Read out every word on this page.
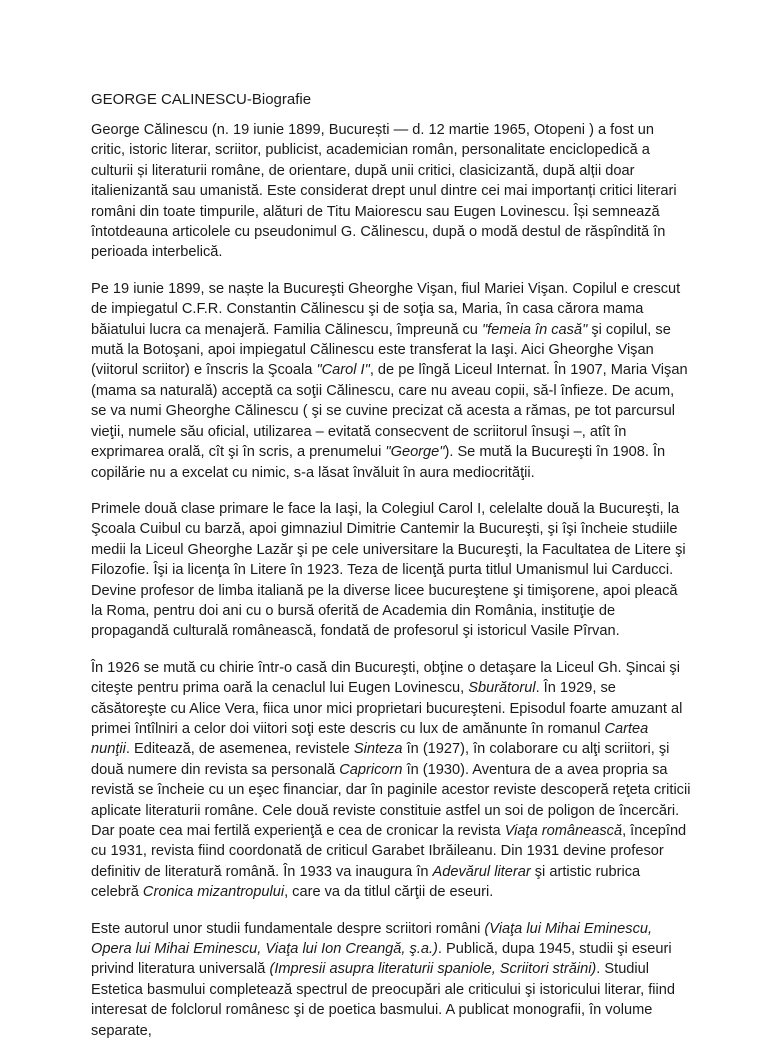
GEORGE CALINESCU-Biografie

George Călinescu (n. 19 iunie 1899, București — d. 12 martie 1965, Otopeni ) a fost un critic, istoric literar, scriitor, publicist, academician român, personalitate enciclopedică a culturii și literaturii române, de orientare, după unii critici, clasicizantă, după alții doar italienizantă sau umanistă. Este considerat drept unul dintre cei mai importanți critici literari români din toate timpurile, alături de Titu Maiorescu sau Eugen Lovinescu. Își semnează întotdeauna articolele cu pseudonimul G. Călinescu, după o modă destul de răspîndită în perioada interbelică.

Pe 19 iunie 1899, se naște la Bucureşti Gheorghe Vişan, fiul Mariei Vişan. Copilul e crescut de impiegatul C.F.R. Constantin Călinescu şi de soţia sa, Maria, în casa cărora mama băiatului lucra ca menajeră. Familia Călinescu, împreună cu "femeia în casă" şi copilul, se mută la Botoşani, apoi impiegatul Călinescu este transferat la Iaşi. Aici Gheorghe Vişan (viitorul scriitor) e înscris la Şcoala "Carol I", de pe lîngă Liceul Internat. În 1907, Maria Vişan (mama sa naturală) acceptă ca soţii Călinescu, care nu aveau copii, să-l înfieze. De acum, se va numi Gheorghe Călinescu ( şi se cuvine precizat că acesta a rămas, pe tot parcursul vieţii, numele său oficial, utilizarea – evitată consecvent de scriitorul însuşi –, atît în exprimarea orală, cît şi în scris, a prenumelui "George"). Se mută la Bucureşti în 1908. În copilărie nu a excelat cu nimic, s-a lăsat învăluit în aura mediocrităţii.

Primele două clase primare le face la Iaşi, la Colegiul Carol I, celelalte două la Bucureşti, la Şcoala Cuibul cu barză, apoi gimnaziul Dimitrie Cantemir la Bucureşti, şi îşi încheie studiile medii la Liceul Gheorghe Lazăr şi pe cele universitare la Bucureşti, la Facultatea de Litere şi Filozofie. Îşi ia licenţa în Litere în 1923. Teza de licenţă purta titlul Umanismul lui Carducci. Devine profesor de limba italiană pe la diverse licee bucureştene şi timişorene, apoi pleacă la Roma, pentru doi ani cu o bursă oferită de Academia din România, instituţie de propagandă culturală românească, fondată de profesorul şi istoricul Vasile Pîrvan.

În 1926 se mută cu chirie într-o casă din Bucureşti, obţine o detaşare la Liceul Gh. Şincai şi citeşte pentru prima oară la cenaclul lui Eugen Lovinescu, Sburătorul. În 1929, se căsătoreşte cu Alice Vera, fiica unor mici proprietari bucureşteni. Episodul foarte amuzant al primei întîlniri a celor doi viitori soţi este descris cu lux de amănunte în romanul Cartea nunţii. Editează, de asemenea, revistele Sinteza în (1927), în colaborare cu alţi scriitori, şi două numere din revista sa personală Capricorn în (1930). Aventura de a avea propria sa revistă se încheie cu un eşec financiar, dar în paginile acestor reviste descoperă reţeta criticii aplicate literaturii române. Cele două reviste constituie astfel un soi de poligon de încercări. Dar poate cea mai fertilă experienţă e cea de cronicar la revista Viaţa românească, începînd cu 1931, revista fiind coordonată de criticul Garabet Ibrăileanu. Din 1931 devine profesor definitiv de literatură română. În 1933 va inaugura în Adevărul literar şi artistic rubrica celebră Cronica mizantropului, care va da titlul cărţii de eseuri.

Este autorul unor studii fundamentale despre scriitori români (Viaţa lui Mihai Eminescu, Opera lui Mihai Eminescu, Viaţa lui Ion Creangă, ş.a.). Publică, dupa 1945, studii şi eseuri privind literatura universală (Impresii asupra literaturii spaniole, Scriitori străini). Studiul Estetica basmului completează spectrul de preocupări ale criticului şi istoricului literar, fiind interesat de folclorul românesc şi de poetica basmului. A publicat monografii, în volume separate,
